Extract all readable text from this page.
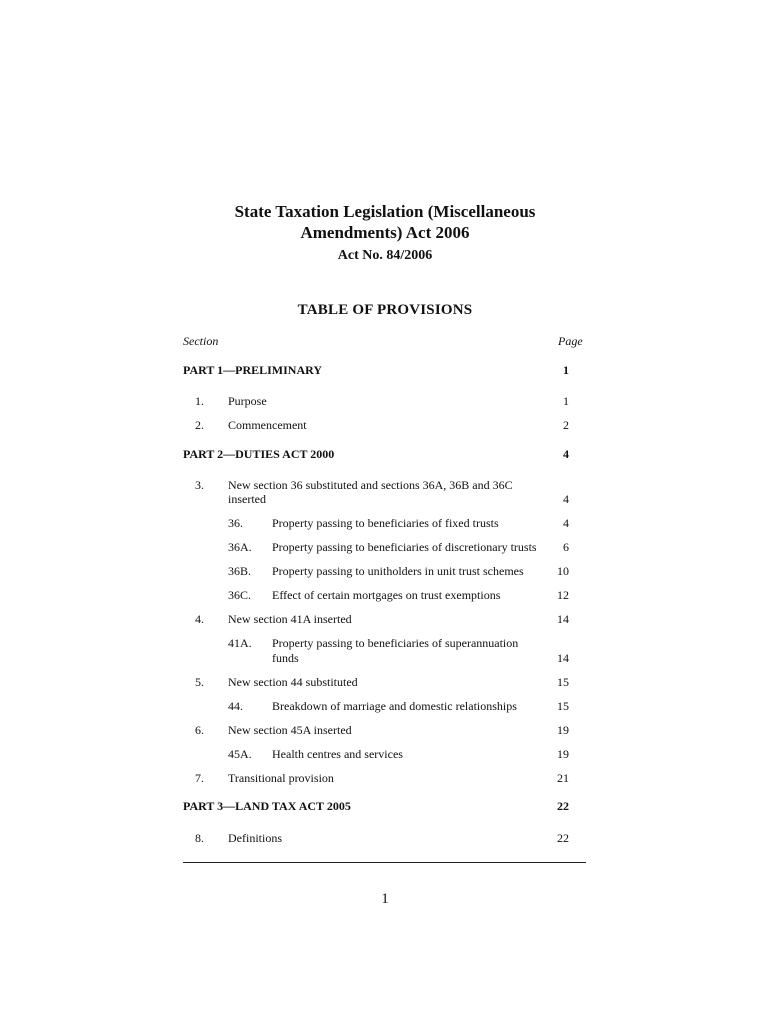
State Taxation Legislation (Miscellaneous
Amendments) Act 2006
Act No. 84/2006
TABLE OF PROVISIONS
Section	Page
PART 1—PRELIMINARY	1
1. Purpose	1
2. Commencement	2
PART 2—DUTIES ACT 2000	4
3. New section 36 substituted and sections 36A, 36B and 36C
inserted	4
36. Property passing to beneficiaries of fixed trusts	4
36A. Property passing to beneficiaries of discretionary trusts	6
36B. Property passing to unitholders in unit trust schemes	10
36C. Effect of certain mortgages on trust exemptions	12
4. New section 41A inserted	14
41A. Property passing to beneficiaries of superannuation
funds	14
5. New section 44 substituted	15
44. Breakdown of marriage and domestic relationships	15
6. New section 45A inserted	19
45A. Health centres and services	19
7. Transitional provision	21
PART 3—LAND TAX ACT 2005	22
8. Definitions	22
1
